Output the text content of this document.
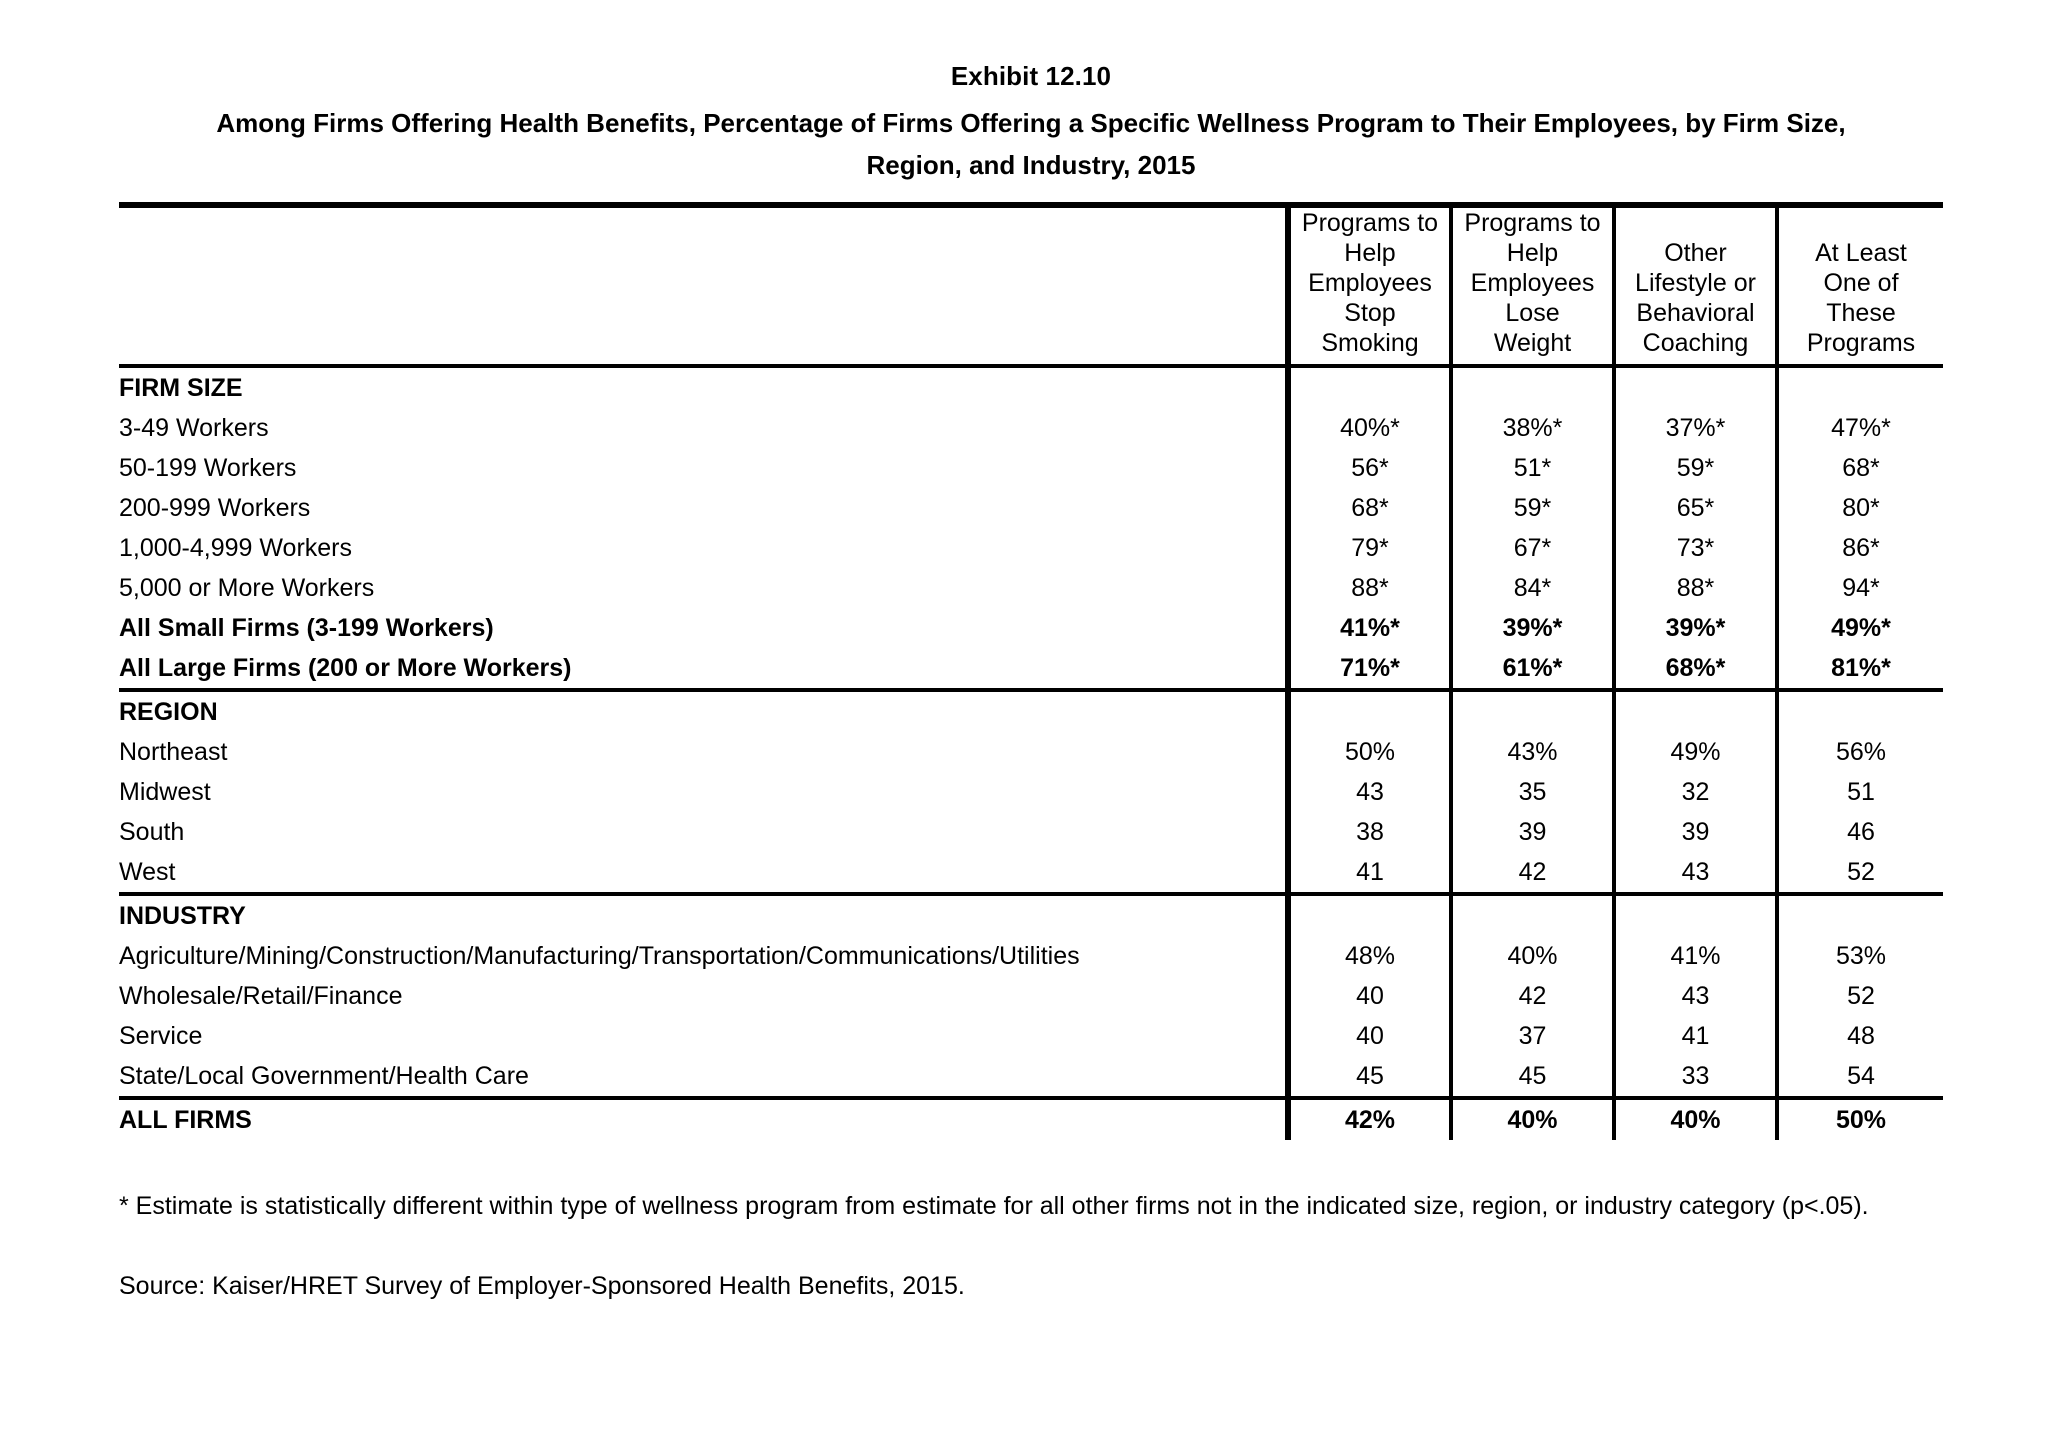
Exhibit 12.10
Among Firms Offering Health Benefits, Percentage of Firms Offering a Specific Wellness Program to Their Employees, by Firm Size,
Region, and Industry, 2015

	Programs to
Help
Employees
Stop
Smoking	Programs to
Help
Employees
Lose
Weight	Other
Lifestyle or
Behavioral
Coaching	At Least
One of
These
Programs

FIRM SIZE				
3-49 Workers	40%*	38%*	37%*	47%*
50-199 Workers	56*	51*	59*	68*
200-999 Workers	68*	59*	65*	80*
1,000-4,999 Workers	79*	67*	73*	86*
5,000 or More Workers	88*	84*	88*	94*
All Small Firms (3-199 Workers)	41%*	39%*	39%*	49%*
All Large Firms (200 or More Workers)	71%*	61%*	68%*	81%*

REGION				
Northeast	50%	43%	49%	56%
Midwest	43	35	32	51
South	38	39	39	46
West	41	42	43	52

INDUSTRY				
Agriculture/Mining/Construction/Manufacturing/Transportation/Communications/Utilities	48%	40%	41%	53%
Wholesale/Retail/Finance	40	42	43	52
Service	40	37	41	48
State/Local Government/Health Care	45	45	33	54

ALL FIRMS	42%	40%	40%	50%
* Estimate is statistically different within type of wellness program from estimate for all other firms not in the indicated size, region, or industry category (p<.05).
Source: Kaiser/HRET Survey of Employer-Sponsored Health Benefits, 2015.
